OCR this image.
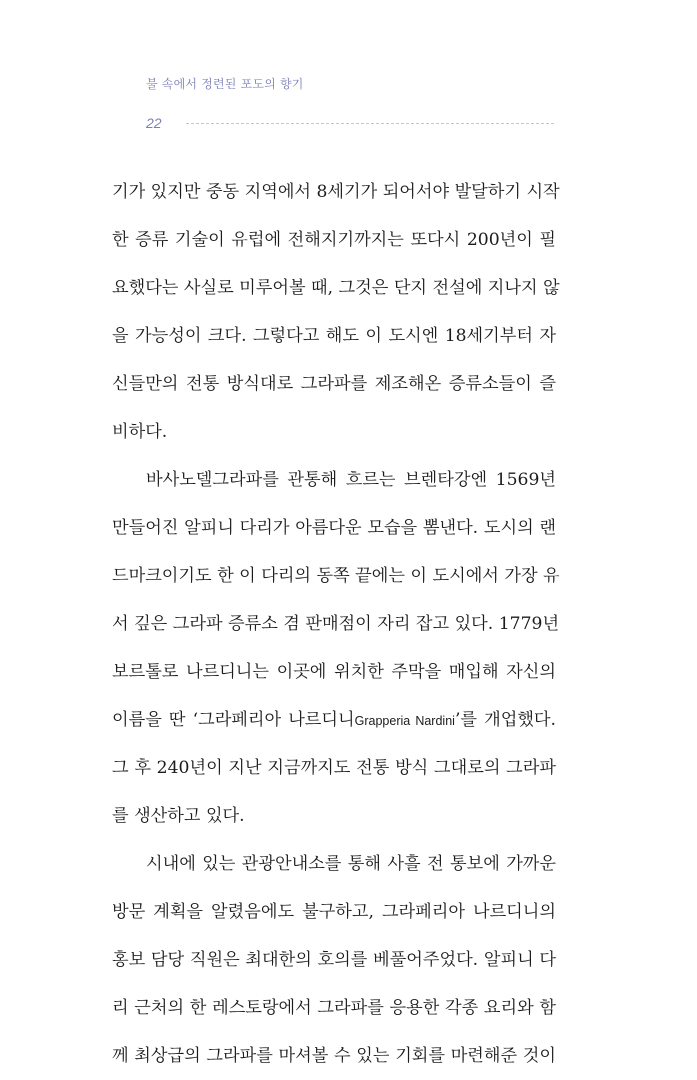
불 속에서 정련된 포도의 향기
22
기가 있지만 중동 지역에서 8세기가 되어서야 발달하기 시작
한 증류 기술이 유럽에 전해지기까지는 또다시 200년이 필
요했다는 사실로 미루어볼 때, 그것은 단지 전설에 지나지 않
을 가능성이 크다. 그렇다고 해도 이 도시엔 18세기부터 자
신들만의 전통 방식대로 그라파를 제조해온 증류소들이 즐
비하다.
바사노델그라파를 관통해 흐르는 브렌타강엔 1569년
만들어진 알피니 다리가 아름다운 모습을 뽐낸다. 도시의 랜
드마크이기도 한 이 다리의 동쪽 끝에는 이 도시에서 가장 유
서 깊은 그라파 증류소 겸 판매점이 자리 잡고 있다. 1779년
보르톨로 나르디니는 이곳에 위치한 주막을 매입해 자신의
이름을 딴 ‘그라페리아 나르디니Grapperia Nardini’를 개업했다.
그 후 240년이 지난 지금까지도 전통 방식 그대로의 그라파
를 생산하고 있다.
시내에 있는 관광안내소를 통해 사흘 전 통보에 가까운
방문 계획을 알렸음에도 불구하고, 그라페리아 나르디니의
홍보 담당 직원은 최대한의 호의를 베풀어주었다. 알피니 다
리 근처의 한 레스토랑에서 그라파를 응용한 각종 요리와 함
께 최상급의 그라파를 마셔볼 수 있는 기회를 마련해준 것이
